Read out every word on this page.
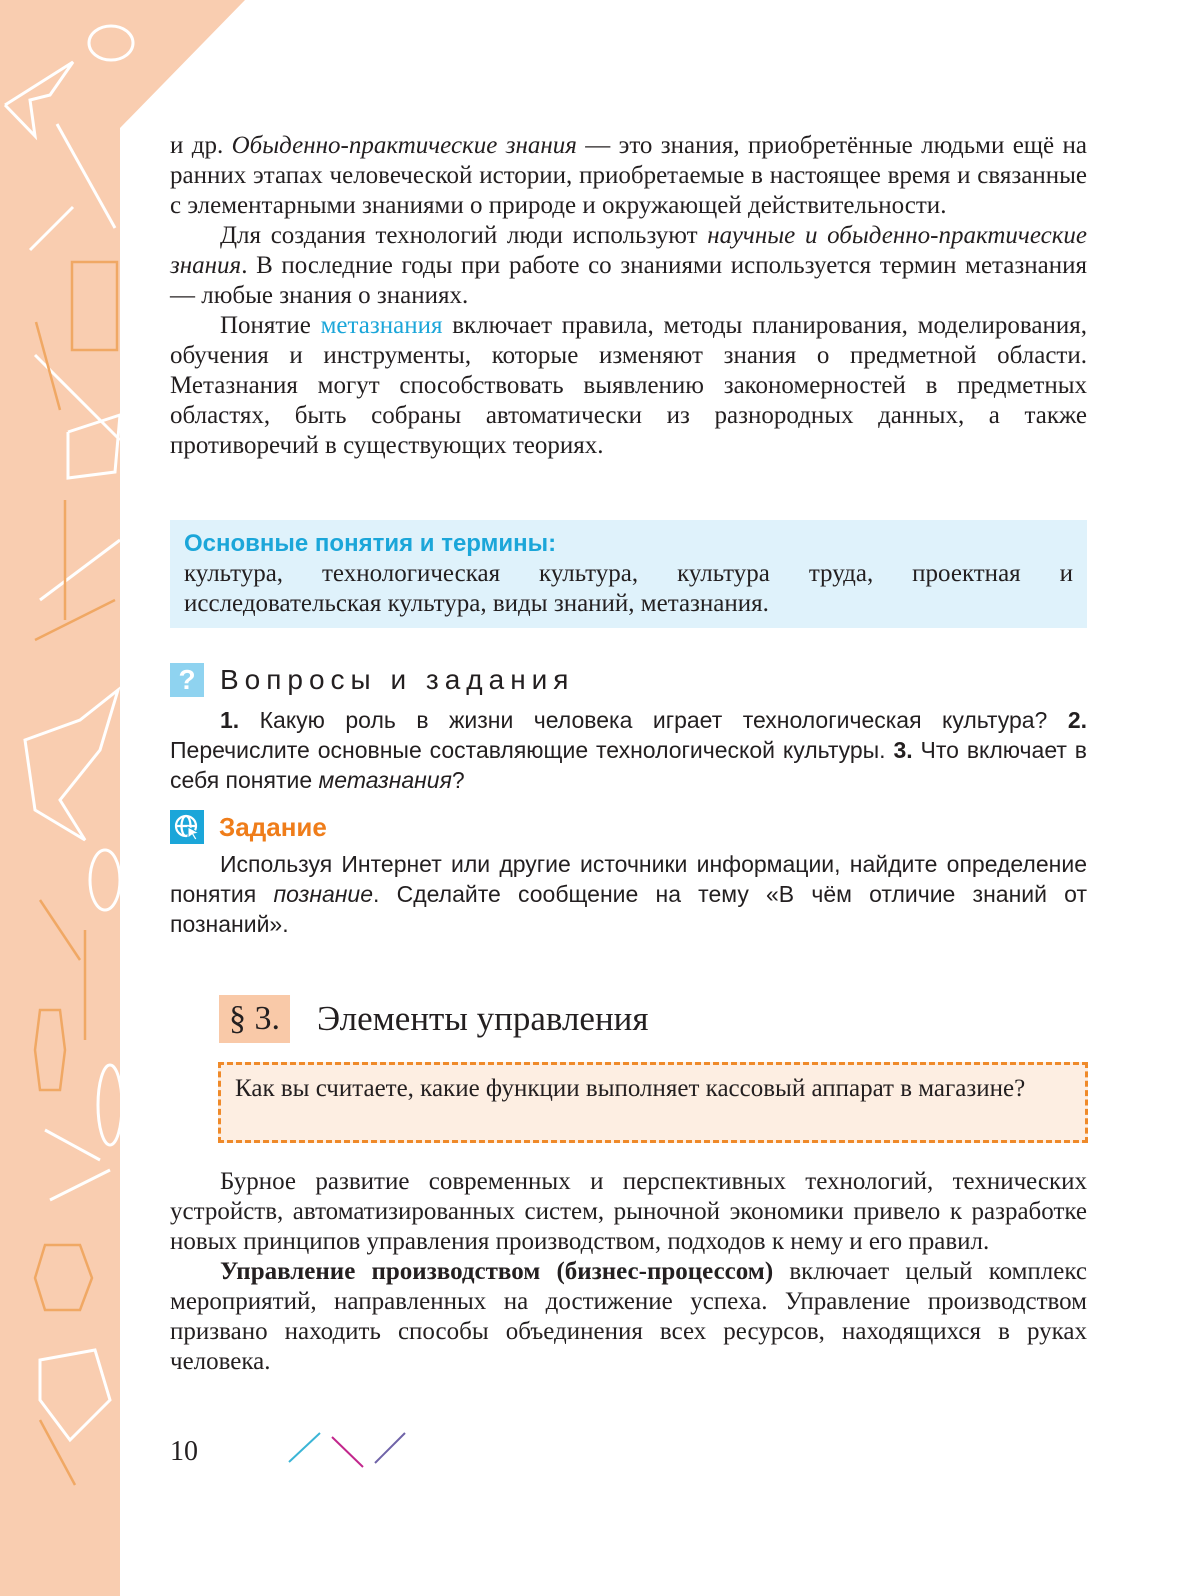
и др. Обыденно-практические знания — это знания, приобретённые людьми ещё на ранних этапах человеческой истории, приобретаемые в настоящее время и связанные с элементарными знаниями о природе и окружающей действительности.

Для создания технологий люди используют научные и обыденно-практические знания. В последние годы при работе со знаниями используется термин метазнания — любые знания о знаниях.

Понятие метазнания включает правила, методы планирования, моделирования, обучения и инструменты, которые изменяют знания о предметной области. Метазнания могут способствовать выявлению закономерностей в предметных областях, быть собраны автоматически из разнородных данных, а также противоречий в существующих теориях.

Основные понятия и термины:
культура, технологическая культура, культура труда, проектная и исследовательская культура, виды знаний, метазнания.
? Вопросы и задания

1. Какую роль в жизни человека играет технологическая культура? 2. Перечислите основные составляющие технологической культуры. 3. Что включает в себя понятие метазнания?

Задание

Используя Интернет или другие источники информации, найдите определение понятия познание. Сделайте сообщение на тему «В чём отличие знаний от познаний».

§ 3. Элементы управления

Как вы считаете, какие функции выполняет кассовый аппарат в магазине?

Бурное развитие современных и перспективных технологий, технических устройств, автоматизированных систем, рыночной экономики привело к разработке новых принципов управления производством, подходов к нему и его правил.

Управление производством (бизнес-процессом) включает целый комплекс мероприятий, направленных на достижение успеха. Управление производством призвано находить способы объединения всех ресурсов, находящихся в руках человека.

10
